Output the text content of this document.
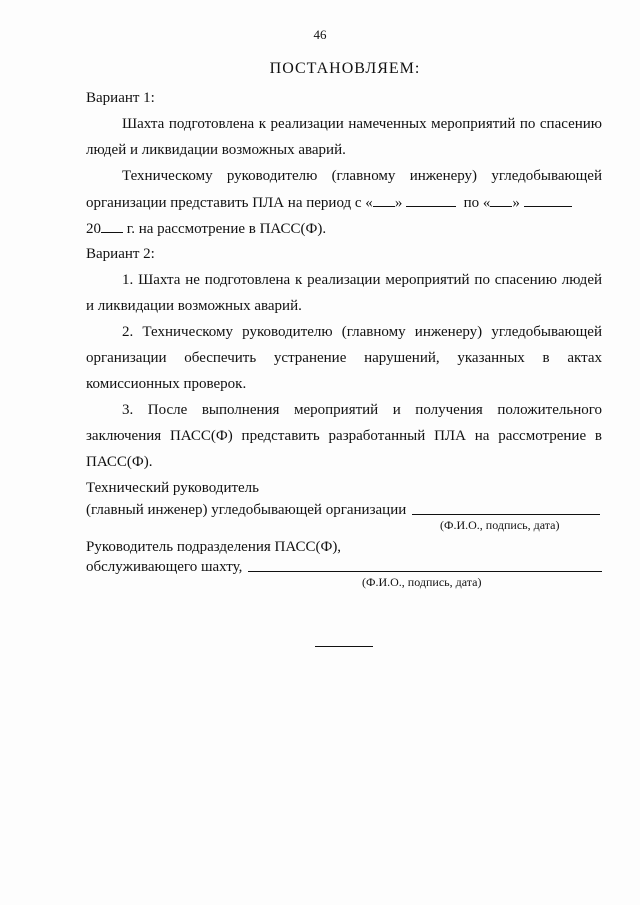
46
ПОСТАНОВЛЯЕМ:
Вариант 1:
Шахта подготовлена к реализации намеченных мероприятий по спасению
людей и ликвидации возможных аварий.
Техническому руководителю (главному инженеру) угледобывающей
организации представить ПЛА на период с « »	по « »
20 г. на рассмотрение в ПАСС(Ф).
Вариант 2:
1. Шахта не подготовлена к реализации мероприятий по спасению людей
и ликвидации возможных аварий.
2. Техническому руководителю (главному инженеру) угледобывающей
организации обеспечить устранение нарушений, указанных в актах
комиссионных проверок.
3. После выполнения мероприятий и получения положительного
заключения ПАСС(Ф) представить разработанный ПЛА на рассмотрение в
ПАСС(Ф).
Технический руководитель
(главный инженер) угледобывающей организации
(Ф.И.О., подпись, дата)
Руководитель подразделения ПАСС(Ф),
обслуживающего шахту,
(Ф.И.О., подпись, дата)
